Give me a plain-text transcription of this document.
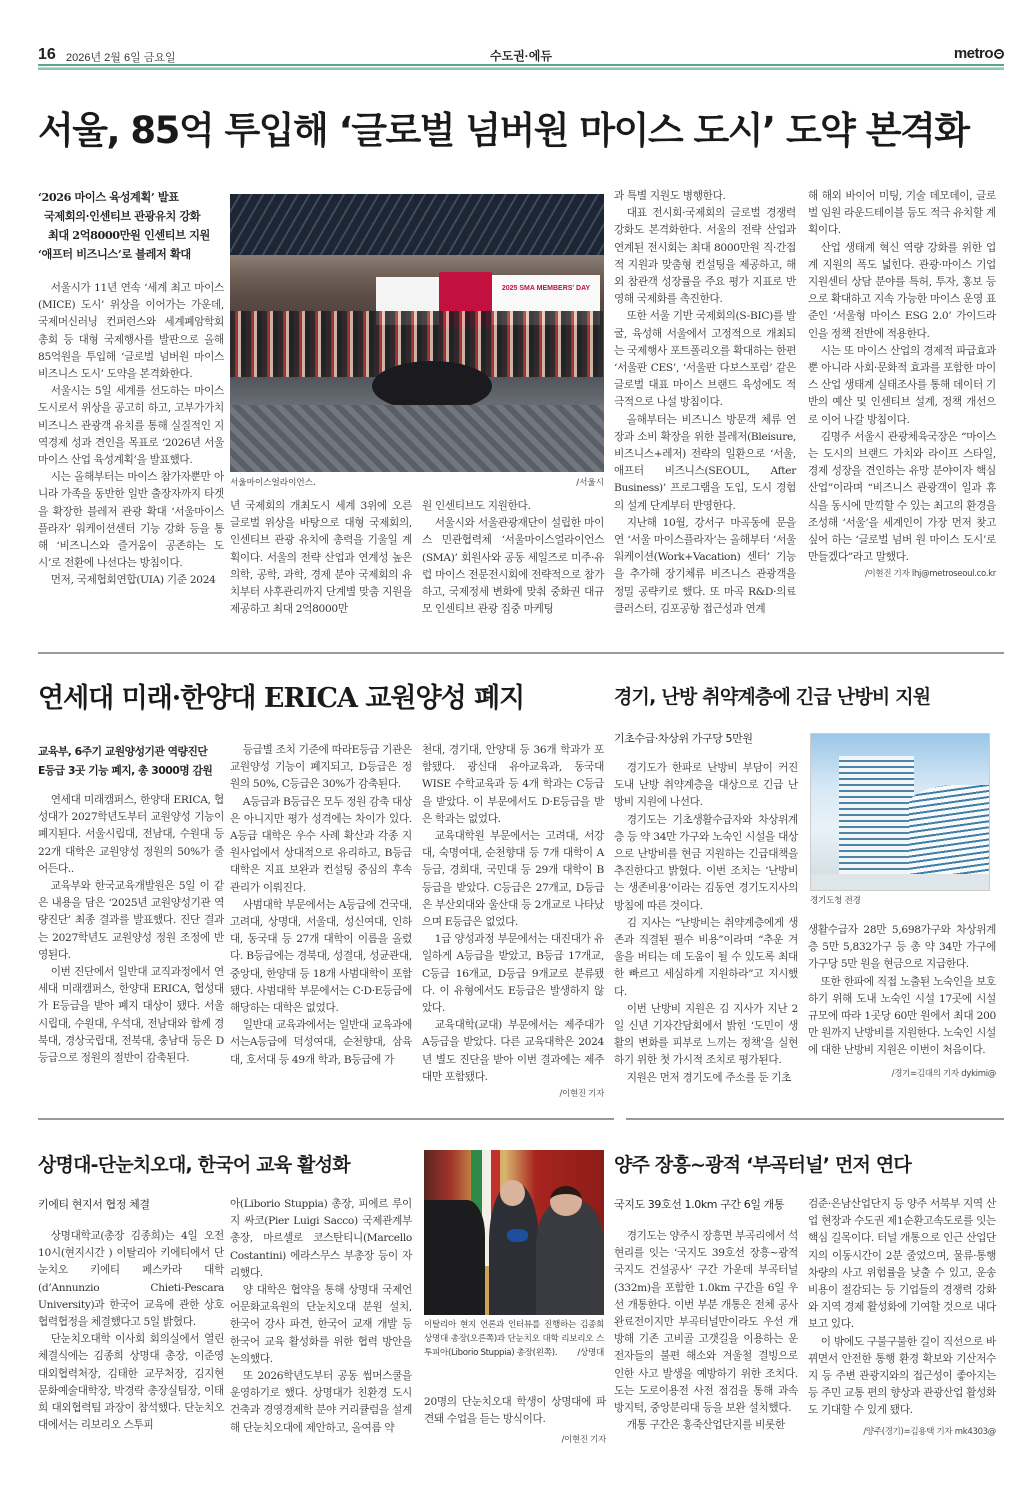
16 2026년 2월 6일 금요일	수도권·에듀	metro
서울, 85억 투입해 ‘글로벌 넘버원 마이스 도시’ 도약 본격화
‘2026 마이스 육성계획’ 발표
국제회의·인센티브 관광유치 강화
최대 2억8000만원 인센티브 지원
‘애프터 비즈니스’로 블레저 확대

서울시가 11년 연속 ‘세계 최고 마이스(MICE) 도시’ 위상을 이어가는 가운데, 국제머신러닝 컨퍼런스와 세계폐암학회 총회 등 대형 국제행사를 발판으로 올해 85억원을 투입해 ‘글로벌 넘버원 마이스 비즈니스 도시’ 도약을 본격화한다.

서울시는 5일 세계를 선도하는 마이스 도시로서 위상을 공고히 하고, 고부가가치 비즈니스 관광객 유치를 통해 실질적인 지역경제 성과 견인을 목표로 ‘2026년 서울 마이스 산업 육성계획’을 발표했다.

시는 올해부터는 마이스 참가자뿐만 아니라 가족을 동반한 일반 출장자까지 타겟을 확장한 블레저 관광 확대 ‘서울마이스플라자’ 워케이션센터 기능 강화 등을 통해 ‘비즈니스와 즐거움이 공존하는 도시’로 전환에 나선다는 방침이다.

먼저, 국제협회연합(UIA) 기준 2024

2025 SMA MEMBERS' DAY
서울마이스얼라이언스.	/서울시

년 국제회의 개최도시 세계 3위에 오른 글로벌 위상을 바탕으로 대형 국제회의, 인센티브 관광 유치에 총력을 기울일 계획이다. 서울의 전략 산업과 연계성 높은 의학, 공학, 과학, 경제 분야 국제회의 유치부터 사후관리까지 단계별 맞춤 지원을 제공하고 최대 2억8000만

원 인센티브도 지원한다.

서울시와 서울관광재단이 설립한 마이스 민관협력체 ‘서울마이스얼라이언스(SMA)’ 회원사와 공동 세일즈로 미주·유럽 마이스 전문전시회에 전략적으로 참가하고, 국제정세 변화에 맞춰 중화권 대규모 인센티브 관광 집중 마케팅

과 특별 지원도 병행한다.

대표 전시회·국제회의 글로벌 경쟁력 강화도 본격화한다. 서울의 전략 산업과 연계된 전시회는 최대 8000만원 직·간접적 지원과 맞춤형 컨설팅을 제공하고, 해외 참관객 성장률을 주요 평가 지표로 반영해 국제화를 촉진한다.

또한 서울 기반 국제회의(S-BIC)를 발굴, 육성해 서울에서 고정적으로 개최되는 국제행사 포트폴리오를 확대하는 한편 ‘서울판 CES’, ‘서울판 다보스포럼’ 같은 글로벌 대표 마이스 브랜드 육성에도 적극적으로 나설 방침이다.

올해부터는 비즈니스 방문객 체류 연장과 소비 확장을 위한 블레저(Bleisure, 비즈니스+레저) 전략의 일환으로 ‘서울, 애프터 비즈니스(SEOUL, After Business)’ 프로그램을 도입, 도시 경험의 설계 단계부터 반영한다.

지난해 10월, 강서구 마곡동에 문을 연 ‘서울 마이스플라자’는 올해부터 ‘서울 워케이션(Work+Vacation) 센터’ 기능을 추가해 장기체류 비즈니스 관광객을 정밀 공략키로 했다. 또 마곡 R&D·의료 클러스터, 김포공항 접근성과 연계

해 해외 바이어 미팅, 기술 데모데이, 글로벌 임원 라운드테이블 등도 적극 유치할 계획이다.

산업 생태계 혁신 역량 강화를 위한 업계 지원의 폭도 넓힌다. 관광·마이스 기업지원센터 상담 분야를 특허, 투자, 홍보 등으로 확대하고 지속 가능한 마이스 운영 표준인 ‘서울형 마이스 ESG 2.0’ 가이드라인을 정책 전반에 적용한다.

시는 또 마이스 산업의 경제적 파급효과뿐 아니라 사회·문화적 효과를 포함한 마이스 산업 생태계 실태조사를 통해 데이터 기반의 예산 및 인센티브 설계, 정책 개선으로 이어 나갈 방침이다.

김명주 서울시 관광체육국장은 “마이스는 도시의 브랜드 가치와 라이프 스타일, 경제 성장을 견인하는 유망 분야이자 핵심 산업”이라며 “비즈니스 관광객이 일과 휴식을 동시에 만끽할 수 있는 최고의 환경을 조성해 ‘서울’을 세계인이 가장 먼저 찾고 싶어 하는 ‘글로벌 넘버 원 마이스 도시’로 만들겠다”라고 말했다.

/이현진 기자 lhj@metroseoul.co.kr

연세대 미래·한양대 ERICA 교원양성 폐지
교육부, 6주기 교원양성기관 역량진단
E등급 3곳 기능 폐지, 총 3000명 감원

연세대 미래캠퍼스, 한양대 ERICA, 협성대가 2027학년도부터 교원양성 기능이 폐지된다. 서울시립대, 전남대, 수원대 등 22개 대학은 교원양성 정원의 50%가 줄어든다..

교육부와 한국교육개발원은 5일 이 같은 내용을 담은 ‘2025년 교원양성기관 역량진단’ 최종 결과를 발표했다. 진단 결과는 2027학년도 교원양성 정원 조정에 반영된다.

이번 진단에서 일반대 교직과정에서 연세대 미래캠퍼스, 한양대 ERICA, 협성대가 E등급을 받아 폐지 대상이 됐다. 서울시립대, 수원대, 우석대, 전남대와 함께 경북대, 경상국립대, 전북대, 충남대 등은 D등급으로 정원의 절반이 감축된다.

등급별 조치 기준에 따라E등급 기관은 교원양성 기능이 폐지되고, D등급은 정원의 50%, C등급은 30%가 감축된다.

A등급과 B등급은 모두 정원 감축 대상은 아니지만 평가 성격에는 차이가 있다. A등급 대학은 우수 사례 확산과 각종 지원사업에서 상대적으로 유리하고, B등급 대학은 지표 보완과 컨설팅 중심의 후속 관리가 이뤄진다.

사범대학 부문에서는 A등급에 건국대, 고려대, 상명대, 서울대, 성신여대, 인하대, 동국대 등 27개 대학이 이름을 올렸다. B등급에는 경북대, 성결대, 성균관대, 중앙대, 한양대 등 18개 사범대학이 포함됐다. 사범대학 부문에서는 C·D·E등급에 해당하는 대학은 없었다.

일반대 교육과에서는 일반대 교육과에서는A등급에 덕성여대, 순천향대, 삼육대, 호서대 등 49개 학과, B등급에 가

천대, 경기대, 안양대 등 36개 학과가 포함됐다. 광신대 유아교육과, 동국대 WISE 수학교육과 등 4개 학과는 C등급을 받았다. 이 부문에서도 D·E등급을 받은 학과는 없었다.

교육대학원 부문에서는 고려대, 서강대, 숙명여대, 순천향대 등 7개 대학이 A등급, 경희대, 국민대 등 29개 대학이 B등급을 받았다. C등급은 27개교, D등급은 부산외대와 울산대 등 2개교로 나타났으며 E등급은 없었다.

1급 양성과정 부문에서는 대진대가 유일하게 A등급을 받았고, B등급 17개교, C등급 16개교, D등급 9개교로 분류됐다. 이 유형에서도 E등급은 발생하지 않았다.

교육대학(교대) 부문에서는 제주대가 A등급을 받았다. 다른 교육대학은 2024년 별도 진단을 받아 이번 결과에는 제주대만 포함됐다.

/이현진 기자

경기, 난방 취약계층에 긴급 난방비 지원
기초수급·차상위 가구당 5만원

경기도가 한파로 난방비 부담이 커진 도내 난방 취약계층을 대상으로 긴급 난방비 지원에 나선다.

경기도는 기초생활수급자와 차상위계층 등 약 34만 가구와 노숙인 시설을 대상으로 난방비를 현금 지원하는 긴급대책을 추진한다고 밝혔다. 이번 조치는 ‘난방비는 생존비용’이라는 김동연 경기도지사의 방침에 따른 것이다.

김 지사는 “난방비는 취약계층에게 생존과 직결된 필수 비용”이라며 “추운 겨울을 버티는 데 도움이 될 수 있도록 최대한 빠르고 세심하게 지원하라”고 지시했다.

이번 난방비 지원은 김 지사가 지난 2일 신년 기자간담회에서 밝힌 ‘도민이 생활의 변화를 피부로 느끼는 정책’을 실현하기 위한 첫 가시적 조치로 평가된다.

지원은 먼저 경기도에 주소를 둔 기초

경기도청 전경

생활수급자 28만 5,698가구와 차상위계층 5만 5,832가구 등 총 약 34만 가구에 가구당 5만 원을 현금으로 지급한다.

또한 한파에 직접 노출된 노숙인을 보호하기 위해 도내 노숙인 시설 17곳에 시설 규모에 따라 1곳당 60만 원에서 최대 200만 원까지 난방비를 지원한다. 노숙인 시설에 대한 난방비 지원은 이번이 처음이다.

/경기=김대의 기자 dykimi@

상명대-단눈치오대, 한국어 교육 활성화
키에티 현지서 협정 체결

상명대학교(총장 김종희)는 4일 오전 10시(현지시간 ) 이탈리아 키에티에서 단눈치오 키에티 페스카라 대학(d’Annunzio Chieti-Pescara University)과 한국어 교육에 관한 상호 협력협정을 체결했다고 5일 밝혔다.

단눈치오대학 이사회 회의실에서 열린 체결식에는 김종희 상명대 총장, 이준영 대외협력처장, 김태한 교무처장, 김지현 문화예술대학장, 박경락 총장실팀장, 이태희 대외협력팀 과장이 참석했다. 단눈치오대에서는 리보리오 스투피

아(Liborio Stuppia) 총장, 피에르 루이지 싸코(Pier Luigi Sacco) 국제관계부총장, 마르셀로 코스탄티니(Marcello Costantini) 에라스무스 부총장 등이 자리했다.

양 대학은 협약을 통해 상명대 국제언어문화교육원의 단눈치오대 분원 설치, 한국어 강사 파견, 한국어 교재 개발 등 한국어 교육 활성화를 위한 협력 방안을 논의했다.

또 2026학년도부터 공동 썸머스쿨을 운영하기로 했다. 상명대가 친환경 도시건축과 경영경제학 분야 커리큘럼을 설계해 단눈치오대에 제안하고, 올여름 약

이탈리아 현지 언론과 인터뷰를 진행하는 김종희 상명대 총장(오른쪽)과 단눈치오 대학 리보리오 스투피아(Liborio Stuppia) 총장(왼쪽).	/상명대

20명의 단눈치오대 학생이 상명대에 파견돼 수업을 듣는 방식이다.

/이현진 기자

양주 장흥~광적 ‘부곡터널’ 먼저 연다
국지도 39호선 1.0km 구간 6일 개통

경기도는 양주시 장흥면 부곡리에서 석현리를 잇는 ‘국지도 39호선 장흥~광적 국지도 건설공사’ 구간 가운데 부곡터널(332m)을 포함한 1.0km 구간을 6일 우선 개통한다. 이번 부분 개통은 전체 공사 완료전이지만 부곡터널만이라도 우선 개방해 기존 고비골 고갯길을 이용하는 운전자들의 불편 해소와 겨울철 결빙으로 인한 사고 발생을 예방하기 위한 조치다. 도는 도로이용전 사전 점검을 통해 과속방지턱, 중앙분리대 등을 보완 설치했다.

개통 구간은 홍죽산업단지를 비롯한

검준·은남산업단지 등 양주 서북부 지역 산업 현장과 수도권 제1순환고속도로를 잇는 핵심 길목이다. 터널 개통으로 인근 산업단지의 이동시간이 2분 줄었으며, 물류·통행 차량의 사고 위험률을 낮출 수 있고, 운송 비용이 절감되는 등 기업들의 경쟁력 강화와 지역 경제 활성화에 기여할 것으로 내다보고 있다.

이 밖에도 구불구불한 길이 직선으로 바뀌면서 안전한 통행 환경 확보와 기산저수지 등 주변 관광지와의 접근성이 좋아지는 등 주민 교통 편의 향상과 관광산업 활성화도 기대할 수 있게 됐다.

/양주(경기)=김용택 기자 mk4303@
